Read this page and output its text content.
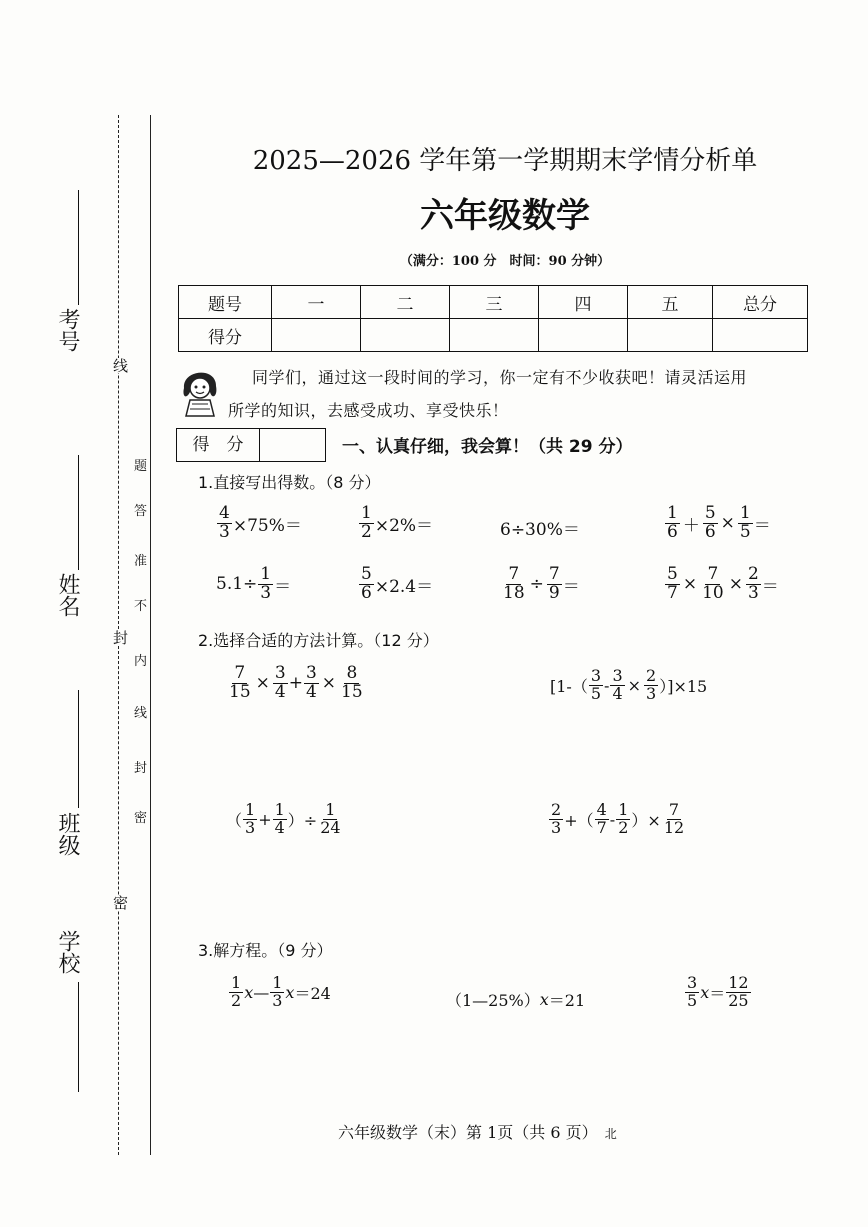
考号
姓名
班级
学校
线
封
密
题
答
准
不
内
线
封
密
2025—2026 学年第一学期期末学情分析单
六年级数学
（满分：100 分　时间：90 分钟）
题号	一	二	三	四	五	总分
得分						
同学们，通过这一段时间的学习，你一定有不少收获吧！请灵活运用
所学的知识，去感受成功、享受快乐！
得　分	一、认真仔细，我会算！（共 29 分）
1.直接写出得数。（8 分）
$\frac{4}{3} \times 75\%=$	$\frac{1}{2} \times 2\%=$	6÷30%＝	$\frac{1}{6} + \frac{5}{6} \times \frac{1}{5}$ ＝
$5.1\div \frac{1}{3}$ ＝	$\frac{5}{6} \times 2.4=$	$\frac{7}{18} \div \frac{7}{9}$ ＝	$\frac{5}{7} \times \frac{7}{10} \times \frac{2}{3}$ ＝
2.选择合适的方法计算。（12 分）
$\frac{7}{15} \times \frac{3}{4} + \frac{3}{4} \times \frac{8}{15}$	$[1-( \frac{3}{5} - \frac{3}{4} \times \frac{2}{3} )]\times 15$
（ $\frac{1}{3} + \frac{1}{4}$ ）÷ $\frac{1}{24}$	$\frac{2}{3}$ +（ $\frac{4}{7} - \frac{1}{2}$ ）× $\frac{7}{12}$
3.解方程。（9 分）
$\frac{1}{2}$ x — $\frac{1}{3}$ x ＝24	（1—25%） x ＝21	$\frac{3}{5}$ $x = \frac{12}{25}$
六年级数学（末）第 1页（共 6 页） 北
